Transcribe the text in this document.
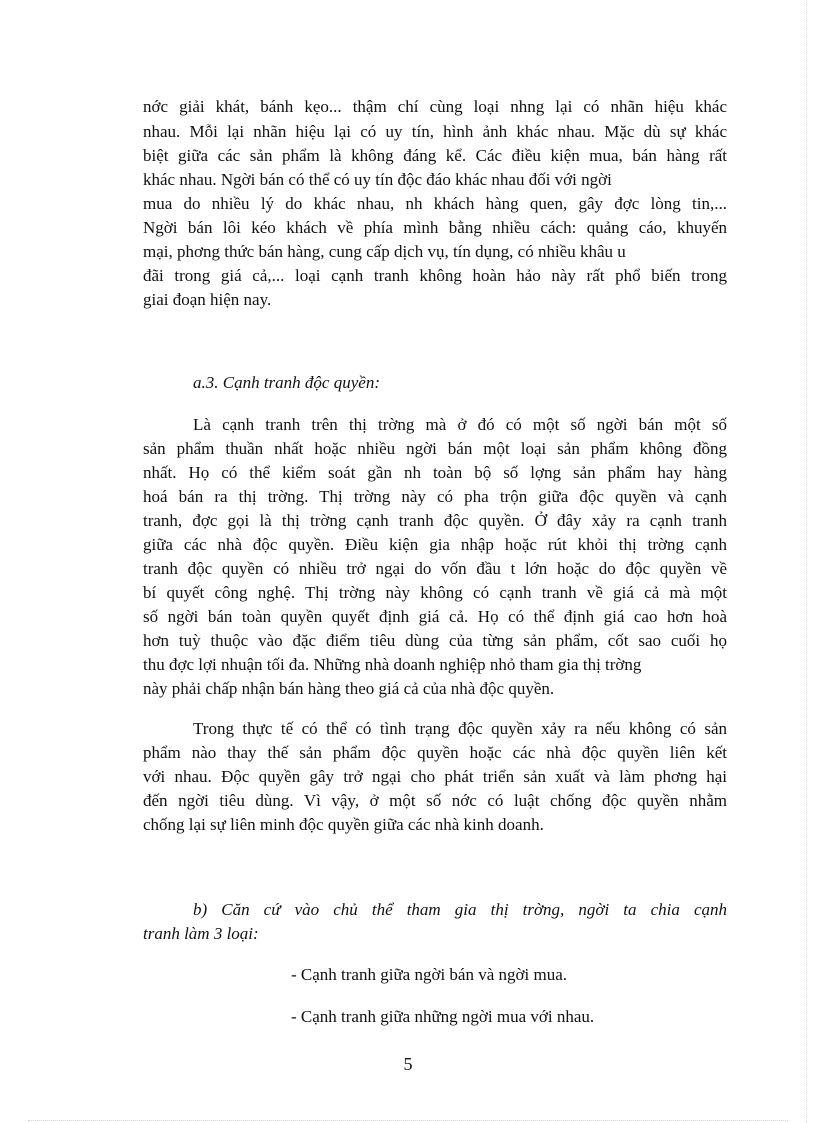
nớc giải khát, bánh kẹo... thậm chí cùng loại nhng lại có nhãn hiệu khác
nhau. Mỗi lại nhãn hiệu lại có uy tín, hình ảnh khác nhau. Mặc dù sự khác
biệt giữa các sản phẩm là không đáng kể. Các điều kiện mua, bán hàng rất
khác nhau. Ngời bán có thể có uy tín độc đáo khác nhau đối với ngời
mua do nhiều lý do khác nhau, nh khách hàng quen, gây đợc lòng tin,...
Ngời bán lôi kéo khách về phía mình bằng nhiều cách: quảng cáo, khuyến
mại, phơng thức bán hàng, cung cấp dịch vụ, tín dụng, có nhiều khâu u
đãi trong giá cả,... loại cạnh tranh không hoàn hảo này rất phổ biến trong
giai đoạn hiện nay.
a.3. Cạnh tranh độc quyền:
Là cạnh tranh trên thị trờng mà ở đó có một số ngời bán một số
sản phẩm thuần nhất hoặc nhiều ngời bán một loại sản phẩm không đồng
nhất. Họ có thể kiểm soát gần nh toàn bộ số lợng sản phẩm hay hàng
hoá bán ra thị trờng. Thị trờng này có pha trộn giữa độc quyền và cạnh
tranh, đợc gọi là thị trờng cạnh tranh độc quyền. Ở đây xảy ra cạnh tranh
giữa các nhà độc quyền. Điều kiện gia nhập hoặc rút khỏi thị trờng cạnh
tranh độc quyền có nhiều trở ngại do vốn đầu t lớn hoặc do độc quyền về
bí quyết công nghệ. Thị trờng này không có cạnh tranh về giá cả mà một
số ngời bán toàn quyền quyết định giá cả. Họ có thể định giá cao hơn hoà
hơn tuỳ thuộc vào đặc điểm tiêu dùng của từng sản phẩm, cốt sao cuối họ
thu đợc lợi nhuận tối đa. Những nhà doanh nghiệp nhỏ tham gia thị trờng
này phải chấp nhận bán hàng theo giá cả của nhà độc quyền.
Trong thực tế có thể có tình trạng độc quyền xảy ra nếu không có sản
phẩm nào thay thế sản phẩm độc quyền hoặc các nhà độc quyền liên kết
với nhau. Độc quyền gây trở ngại cho phát triển sản xuất và làm phơng hại
đến ngời tiêu dùng. Vì vậy, ở một số nớc có luật chống độc quyền nhằm
chống lại sự liên minh độc quyền giữa các nhà kinh doanh.
b) Căn cứ vào chủ thể tham gia thị trờng, ngời ta chia cạnh
tranh làm 3 loại:
- Cạnh tranh giữa ngời bán và ngời mua.
- Cạnh tranh giữa những ngời mua với nhau.
5
